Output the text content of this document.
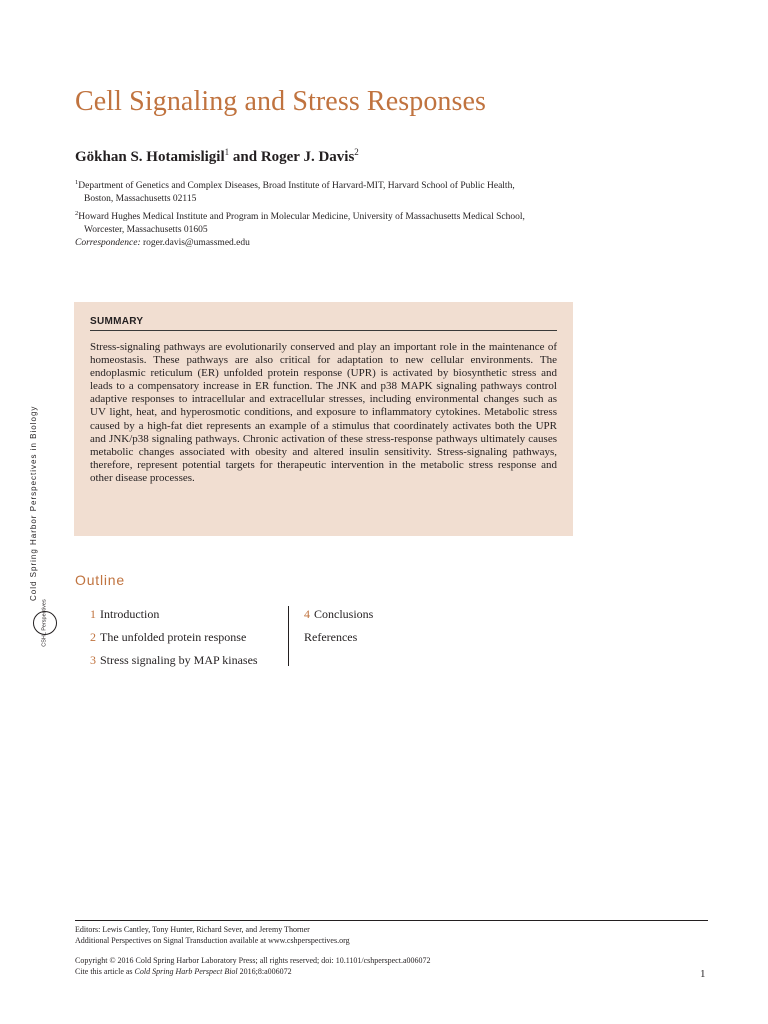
Cell Signaling and Stress Responses
Gökhan S. Hotamisligil$^1$ and Roger J. Davis$^2$
$^1$Department of Genetics and Complex Diseases, Broad Institute of Harvard-MIT, Harvard School of Public Health,
Boston, Massachusetts 02115
$^2$Howard Hughes Medical Institute and Program in Molecular Medicine, University of Massachusetts Medical School,
Worcester, Massachusetts 01605
Correspondence: roger.davis@umassmed.edu
SUMMARY
Stress-signaling pathways are evolutionarily conserved and play an important role in the maintenance of homeostasis. These pathways are also critical for adaptation to new cellular environments. The endoplasmic reticulum (ER) unfolded protein response (UPR) is activated by biosynthetic stress and leads to a compensatory increase in ER function. The JNK and p38 MAPK signaling pathways control adaptive responses to intracellular and extracellular stresses, including environmental changes such as UV light, heat, and hyperosmotic conditions, and exposure to inflammatory cytokines. Metabolic stress caused by a high-fat diet represents an example of a stimulus that coordinately activates both the UPR and JNK/p38 signaling pathways. Chronic activation of these stress-response pathways ultimately causes metabolic changes associated with obesity and altered insulin sensitivity. Stress-signaling pathways, therefore, represent potential targets for therapeutic intervention in the metabolic stress response and other disease processes.
Outline
1 Introduction
2 The unfolded protein response
3 Stress signaling by MAP kinases
4 Conclusions
References
Cold Spring Harbor Perspectives in Biology
CSHL Perspectives
Editors: Lewis Cantley, Tony Hunter, Richard Sever, and Jeremy Thorner
Additional Perspectives on Signal Transduction available at www.cshperspectives.org
Copyright © 2016 Cold Spring Harbor Laboratory Press; all rights reserved; doi: 10.1101/cshperspect.a006072
Cite this article as Cold Spring Harb Perspect Biol 2016;8:a006072	1
